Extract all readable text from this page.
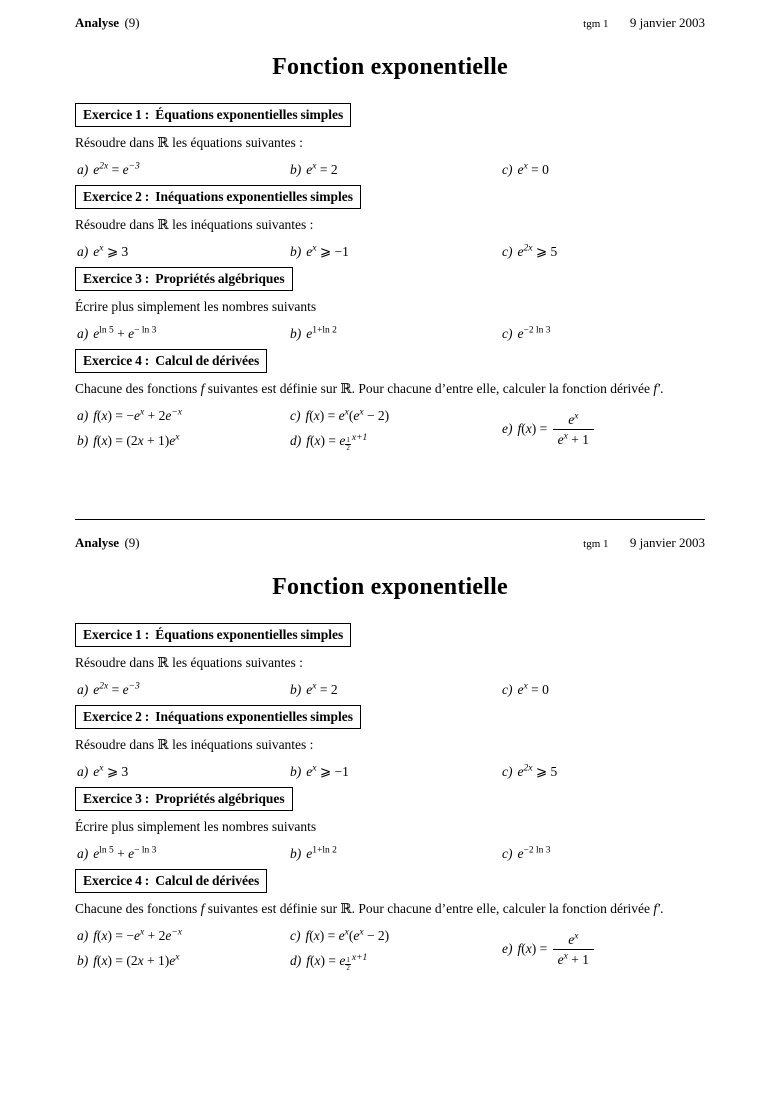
Analyse (9)	tgm 1 9 janvier 2003
Fonction exponentielle
Exercice 1 : Équations exponentielles simples
Résoudre dans ℝ les équations suivantes :
a) $e^{2x} = e^{-3}$	b) $e^x = 2$	c) $e^x = 0$
Exercice 2 : Inéquations exponentielles simples
Résoudre dans ℝ les inéquations suivantes :
a) $e^x$ ⩾ 3	b) $e^x$ ⩾ −1	c) $e^{2x}$ ⩾ 5
Exercice 3 : Propriétés algébriques
Écrire plus simplement les nombres suivants
a) $e^{ln 5} + e^{- ln 3}$	b) $e^{1+ln 2}$	c) $e^{-2 ln 3}$
Exercice 4 : Calcul de dérivées
Chacune des fonctions f suivantes est définie sur ℝ. Pour chacune d’entre elle, calculer la fonction dérivée f′.
a) $f(x) = -e^x + 2e^{-x}$	c) $f(x) = e^x(e^x - 2)$
e) $f(x) = \frac{e^x}{e^x + 1}$
b) $f(x) = (2x + 1)e^x$	d) f(x) = e $^{\frac{1}{2} x+1}$
Analyse (9)	tgm 1 9 janvier 2003
Fonction exponentielle
Exercice 1 : Équations exponentielles simples
Résoudre dans ℝ les équations suivantes :
a) $e^{2x} = e^{-3}$	b) $e^x = 2$	c) $e^x = 0$
Exercice 2 : Inéquations exponentielles simples
Résoudre dans ℝ les inéquations suivantes :
a) $e^x$ ⩾ 3	b) $e^x$ ⩾ −1	c) $e^{2x}$ ⩾ 5
Exercice 3 : Propriétés algébriques
Écrire plus simplement les nombres suivants
a) $e^{ln 5} + e^{- ln 3}$	b) $e^{1+ln 2}$	c) $e^{-2 ln 3}$
Exercice 4 : Calcul de dérivées
Chacune des fonctions f suivantes est définie sur ℝ. Pour chacune d’entre elle, calculer la fonction dérivée f′.
a) $f(x) = -e^x + 2e^{-x}$	c) $f(x) = e^x(e^x - 2)$
e) $f(x) = \frac{e^x}{e^x + 1}$
b) $f(x) = (2x + 1)e^x$	d) f(x) = e $^{\frac{1}{2} x+1}$
